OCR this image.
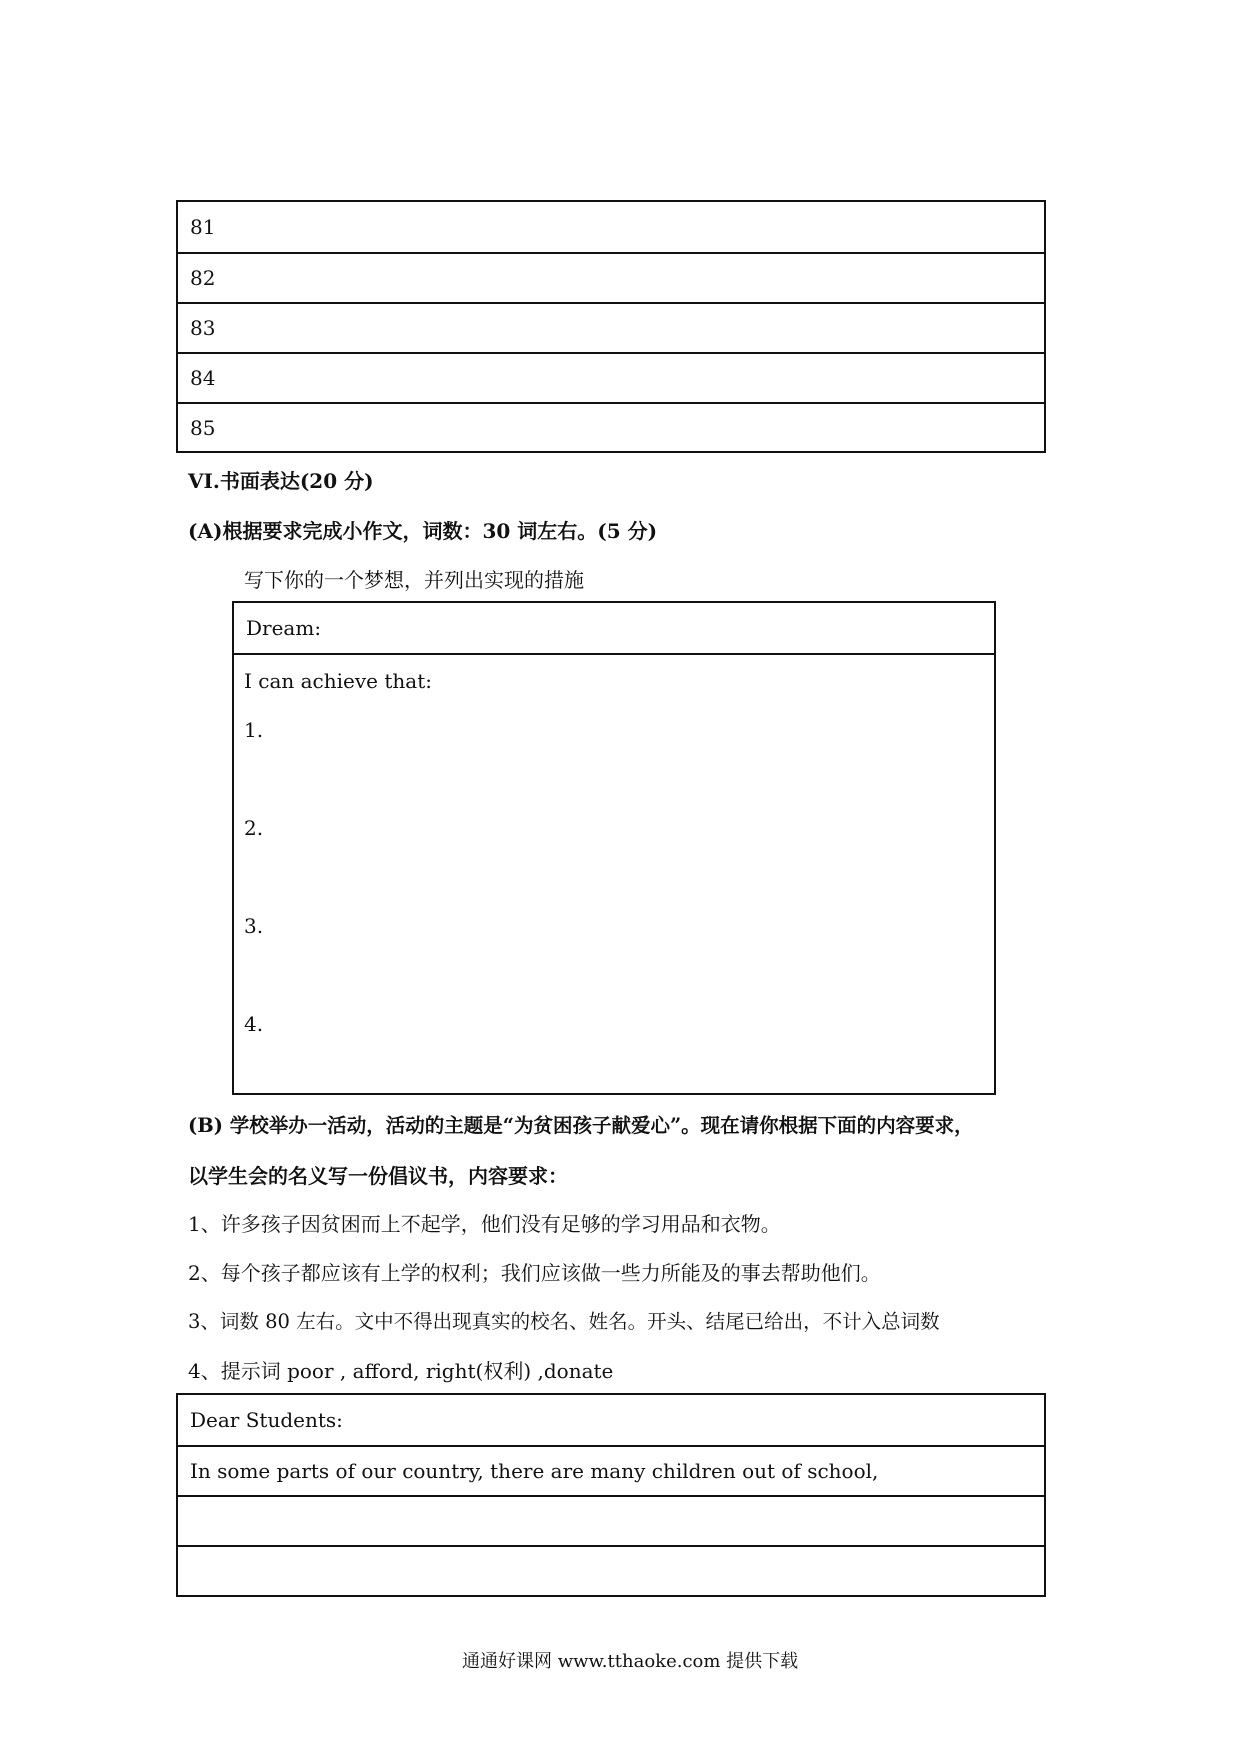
81
82
83
84
85
VI.书面表达(20 分)
(A)根据要求完成小作文，词数：30 词左右。(5 分)
写下你的一个梦想，并列出实现的措施
Dream:
I can achieve that:
1.
2.
3.
4.
(B) 学校举办一活动，活动的主题是“为贫困孩子献爱心”。现在请你根据下面的内容要求，
以学生会的名义写一份倡议书，内容要求：
1、许多孩子因贫困而上不起学，他们没有足够的学习用品和衣物。
2、每个孩子都应该有上学的权利；我们应该做一些力所能及的事去帮助他们。
3、词数 80 左右。文中不得出现真实的校名、姓名。开头、结尾已给出，不计入总词数
4、提示词 poor , afford, right(权利) ,donate
Dear Students:
In some parts of our country, there are many children out of school,
通通好课网 www.tthaoke.com 提供下载
